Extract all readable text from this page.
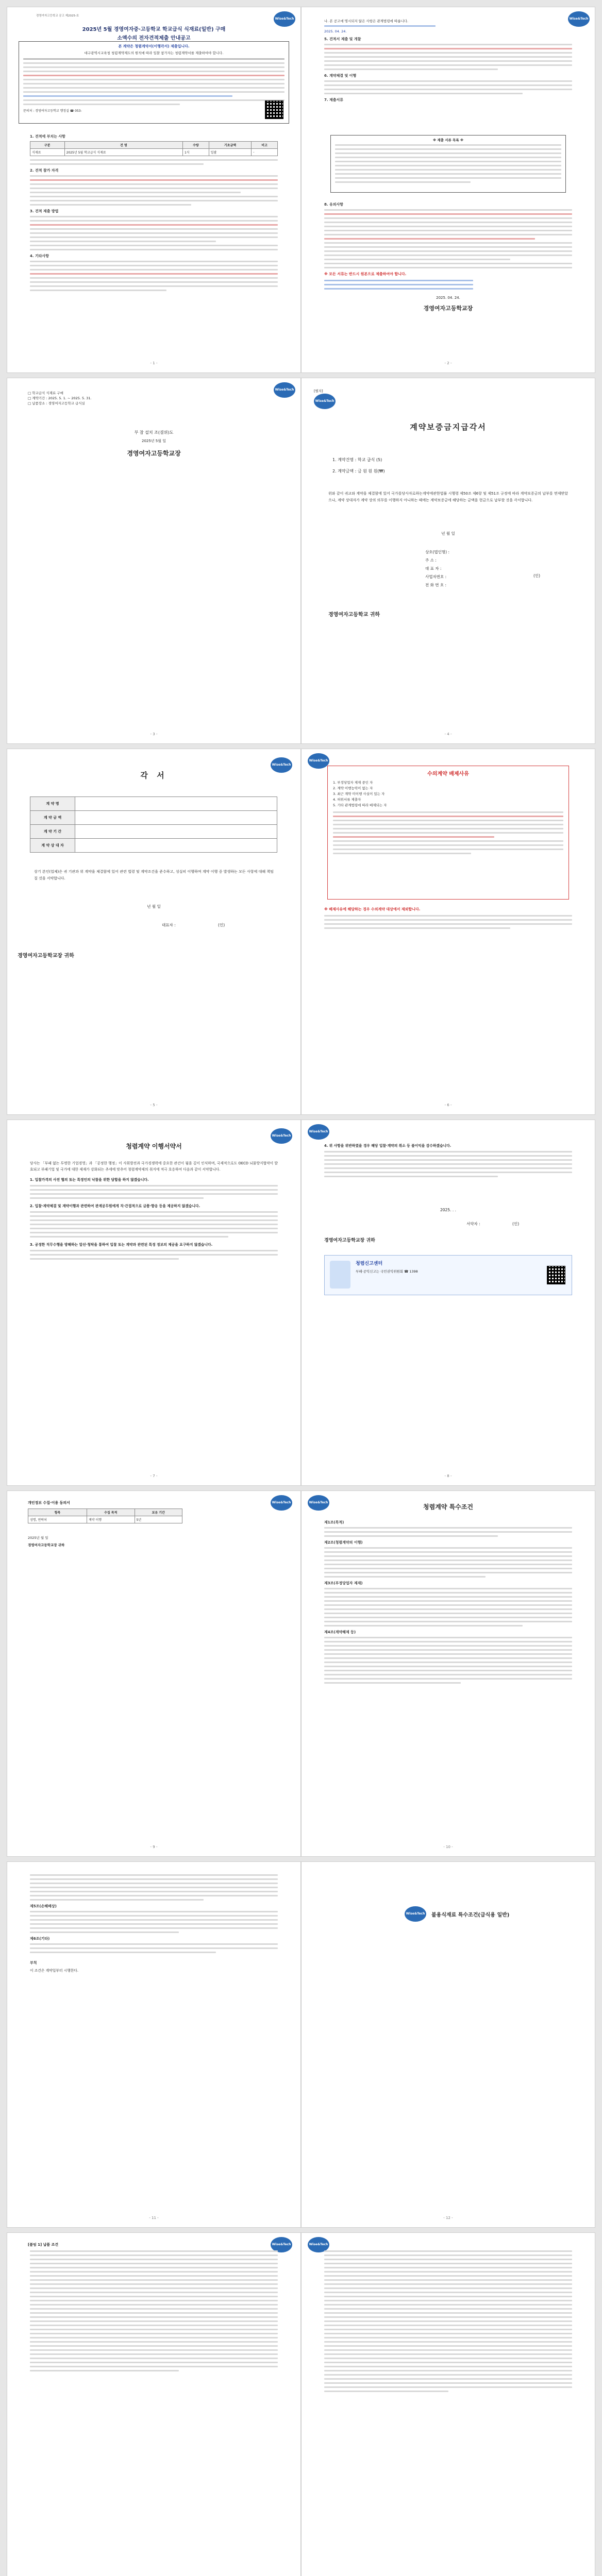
Wise&Tech
경영여자고등학교 공고 제2025-호
2025년 5월 경영여자중·고등학교 학교급식 식재료(일반) 구매
소액수의 전자견적제출 안내공고
본 계약은 청렴계약서(이행각서) 제출입니다.
대구광역시교육청 청렴계약제도의 원칙에 따라 입찰 참가자는 청렴계약서를 제출하여야 합니다.
문의처 : 경영여자고등학교 행정실 ☎ 053-
1. 견적에 부치는 사항
구분	건 명	수량	기초금액	비고
식재료	2025년 5월 학교급식 식재료	1식	일괄	-
2. 견적 참가 자격
3. 견적 제출 방법
4. 기타사항
- 1 -
Wise&Tech
나. 본 공고에 명시되지 않은 사항은 관계법령에 따릅니다.
2025. 04. 24.
5. 견적서 제출 및 개찰
6. 계약체결 및 이행
7. 제출서류
※ 제출 서류 목록 ※
8. 유의사항
※ 모든 서류는 반드시 원본으로 제출하여야 합니다.
2025. 04. 24.
경영여자고등학교장
- 2 -
Wise&Tech
□ 학교급식 식재료 구매
□ 계약기간 : 2025. 5. 1. ~ 2025. 5. 31.
□ 납품장소 : 경영여자고등학교 급식실
부 참 설치 조(결위)도
2025년 5월 일
경영여자고등학교장
- 3 -
[별지]
Wise&Tech
계약보증금지급각서
1. 계약건명 : 학교 급식 (5)
2. 계약금액 : 금 원 원 원(₩)
위와 같이 귀교와 계약을 체결함에 있어 국가를당사자로하는계약에관한법률 시행령 제50조 제6항 및 제51조 규정에 따라 계약보증금의 납부를 면제받았으나, 계약 상대자가 계약 상의 의무를 이행하지 아니하는 때에는 계약보증금에 해당하는 금액을 현금으로 납부할 것을 각서합니다.
년 월 일
상호(법인명) :
주 소 :
대 표 자 :
사업자번호 :
전 화 번 호 :
(인)
경영여자고등학교 귀하
- 4 -
Wise&Tech
각 서
계 약 명	
계 약 금 액	
계 약 기 간	
계 약 상 대 자	
상기 본인(업체)은 귀 기관과 위 계약을 체결함에 있어 관련 법령 및 계약조건을 준수하고, 성실히 이행하며 계약 이행 중 발생하는 모든 사항에 대해 책임질 것을 서약합니다.
년 월 일
대표자 :	(인)
경영여자고등학교장 귀하
- 5 -
Wise&Tech
수의계약 배제사유
1. 부정당업자 제재 중인 자
2. 계약 이행능력이 없는 자
3. 최근 계약 미이행 사실이 있는 자
4. 허위서류 제출자
5. 기타 관계법령에 따라 배제되는 자
※ 배제사유에 해당하는 경우 수의계약 대상에서 제외합니다.
- 6 -
Wise&Tech
청렴계약 이행서약서
당사는 「부패 없는 투명한 기업경영」과 「공정한 행정」이 사회발전과 국가경쟁력에 중요한 관건이 됨을 깊이 인식하며, 국제적으로도 OECD 뇌물방지협약이 발효되고 부패기업 및 국가에 대한 제재가 강화되는 추세에 맞추어 청렴계약제의 취지에 적극 호응하여 다음과 같이 서약합니다.
1. 입찰가격의 사전 협의 또는 특정인의 낙찰을 위한 담합을 하지 않겠습니다.
2. 입찰·계약체결 및 계약이행과 관련하여 관계공무원에게 직·간접적으로 금품·향응 등을 제공하지 않겠습니다.
3. 공정한 직무수행을 방해하는 알선·청탁을 통하여 입찰 또는 계약과 관련된 특정 정보의 제공을 요구하지 않겠습니다.
- 7 -
Wise&Tech
4. 위 사항을 위반하였을 경우 해당 입찰·계약의 취소 등 불이익을 감수하겠습니다.
2025. . .
서약자 :	(인)
경영여자고등학교장 귀하
청렴신고센터
부패·공익신고는 국민권익위원회 ☎ 1398
- 8 -
Wise&Tech
개인정보 수집·이용 동의서
항목	수집 목적	보유 기간
성명, 연락처	계약 이행	5년
2025년 월 일
경영여자고등학교장 귀하
- 9 -
Wise&Tech
청렴계약 특수조건
제1조(목적)
제2조(청렴계약의 이행)
제3조(부정당업자 제재)
제4조(계약해제 등)
- 10 -
제5조(손해배상)
제6조(기타)
부칙
이 조건은 계약일부터 시행한다.
- 11 -
Wise&Tech 불용식재료 특수조건(급식용 일반)
- 12 -
Wise&Tech
[붙임 1] 납품 조건	Wise&Tech
